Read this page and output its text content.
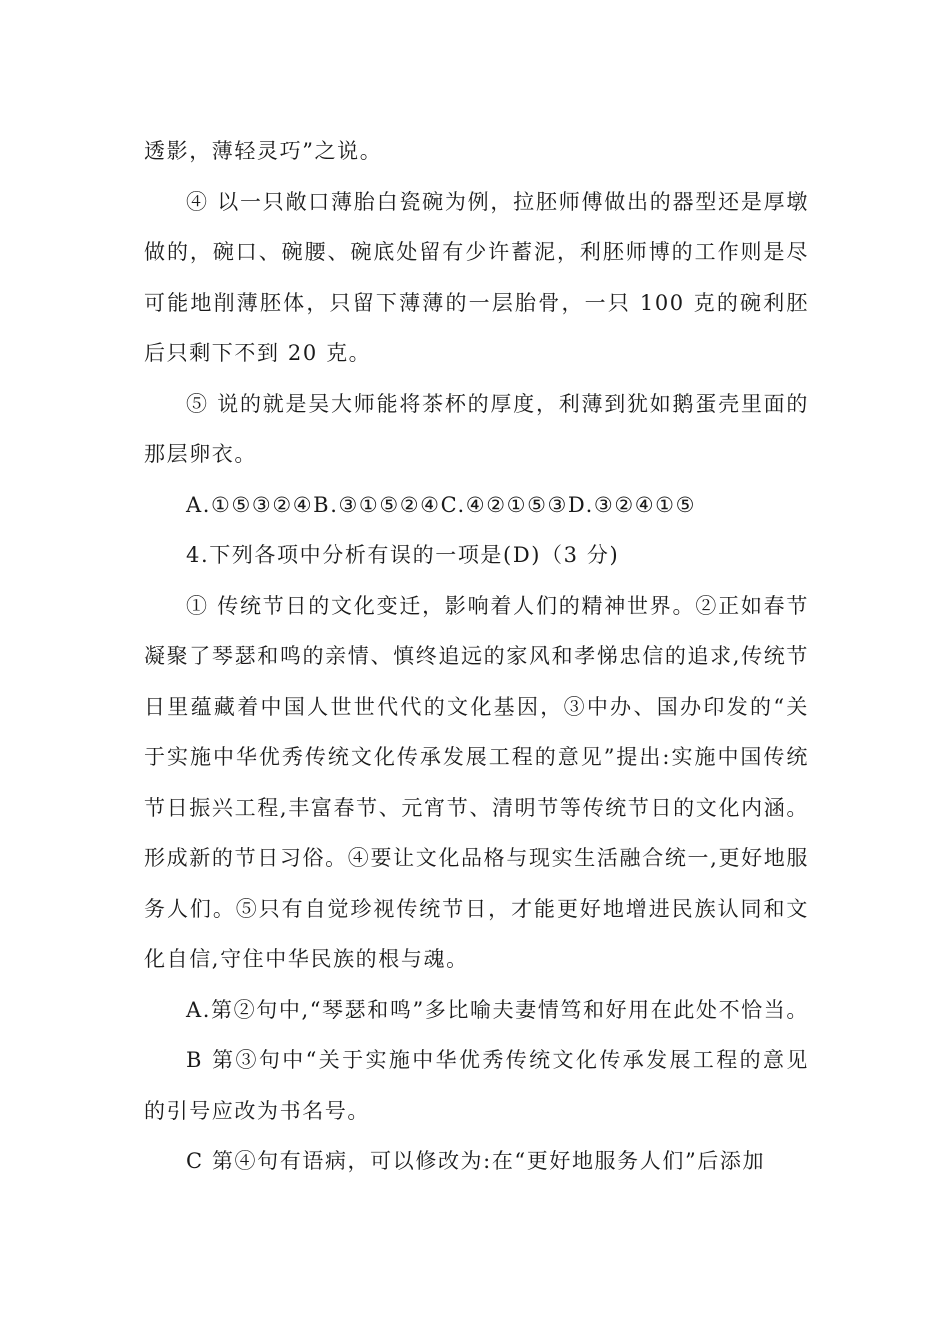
透影，薄轻灵巧”之说。

④ 以一只敞口薄胎白瓷碗为例，拉胚师傅做出的器型还是厚墩做的，碗口、碗腰、碗底处留有少许蓄泥，利胚师博的工作则是尽可能地削薄胚体，只留下薄薄的一层胎骨，一只 100 克的碗利胚后只剩下不到 20 克。

⑤ 说的就是吴大师能将茶杯的厚度，利薄到犹如鹅蛋壳里面的那层卵衣。

A.①⑤③②④B.③①⑤②④C.④②①⑤③D.③②④①⑤

4.下列各项中分析有误的一项是(D)（3 分)

① 传统节日的文化变迁，影响着人们的精神世界。②正如春节凝聚了琴瑟和鸣的亲情、慎终追远的家风和孝悌忠信的追求,传统节日里蕴藏着中国人世世代代的文化基因，③中办、国办印发的“关于实施中华优秀传统文化传承发展工程的意见”提出:实施中国传统节日振兴工程,丰富春节、元宵节、清明节等传统节日的文化内涵。形成新的节日习俗。④要让文化品格与现实生活融合统一,更好地服务人们。⑤只有自觉珍视传统节日，才能更好地增进民族认同和文化自信,守住中华民族的根与魂。

A.第②句中,“琴瑟和鸣”多比喻夫妻情笃和好用在此处不恰当。

B 第③句中“关于实施中华优秀传统文化传承发展工程的意见的引号应改为书名号。

C 第④句有语病，可以修改为:在“更好地服务人们”后添加
